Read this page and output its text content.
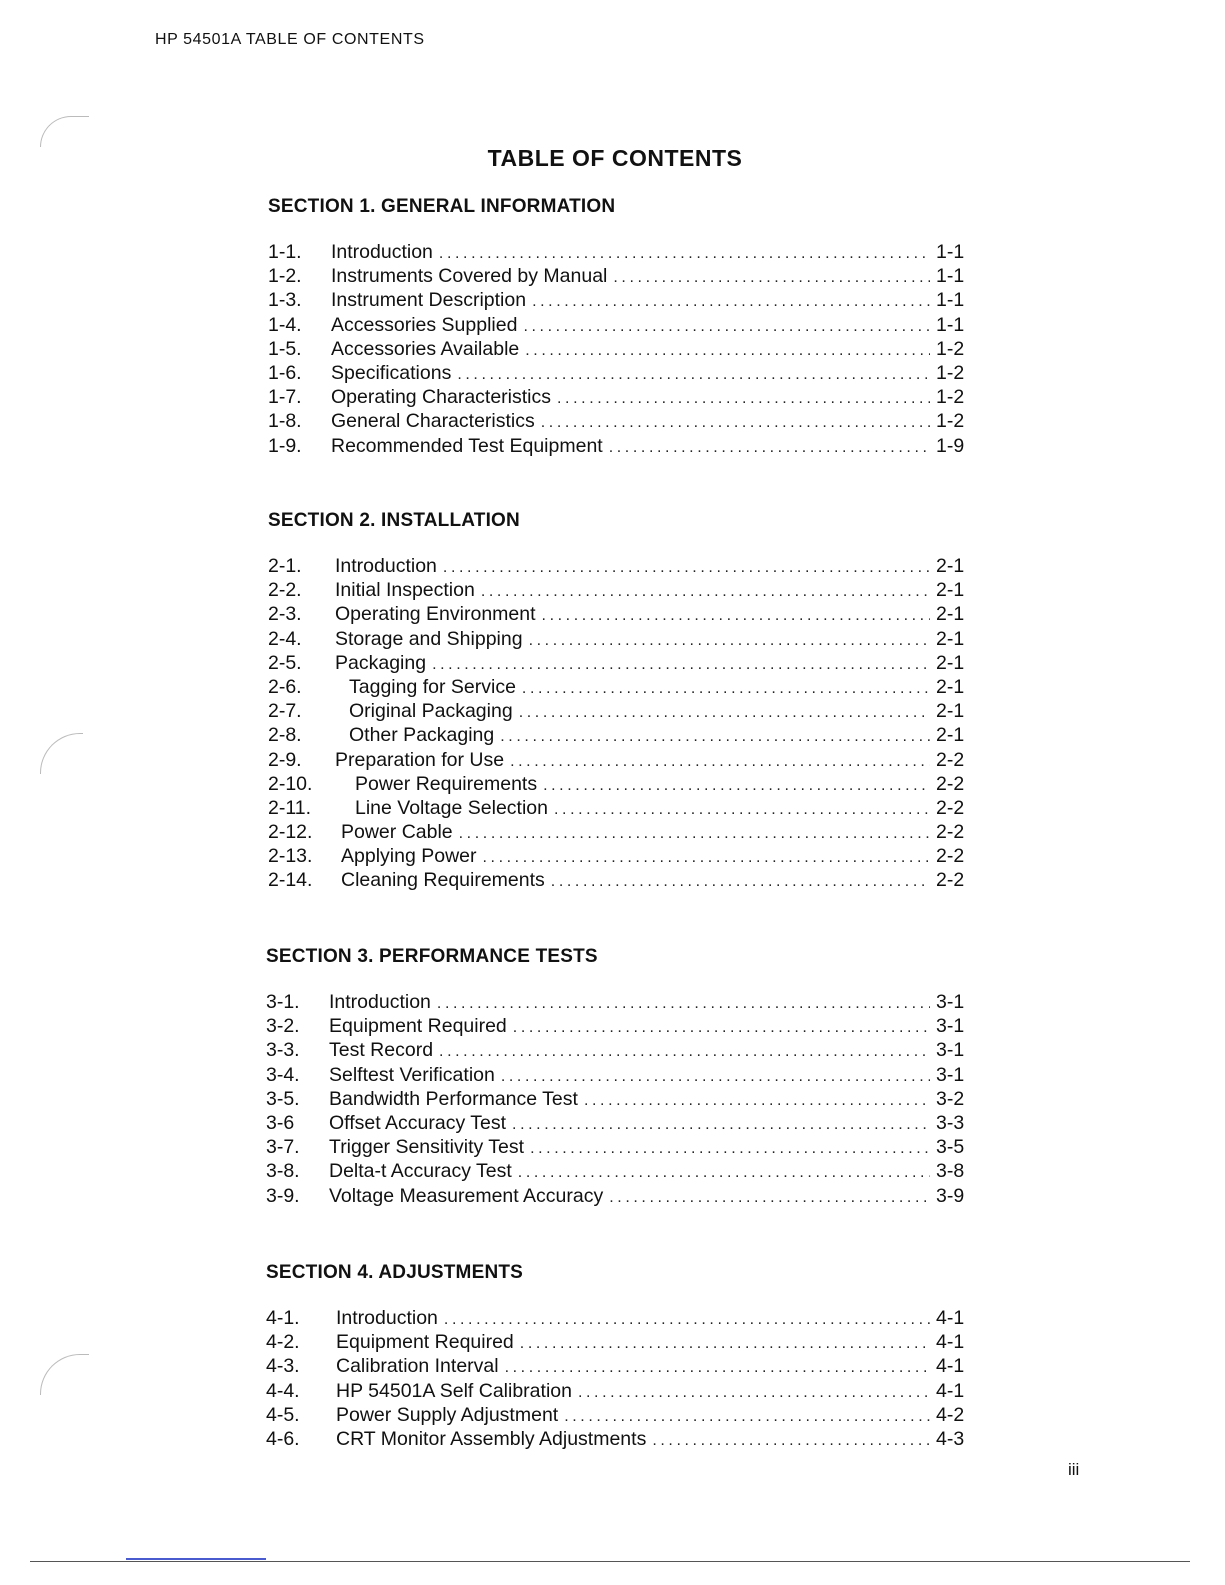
HP 54501A TABLE OF CONTENTS
TABLE OF CONTENTS
SECTION 1. GENERAL INFORMATION
1-1.	Introduction .....	1-1
1-2.	Instruments Covered by Manual .....	1-1
1-3.	Instrument Description .....	1-1
1-4.	Accessories Supplied .....	1-1
1-5.	Accessories Available .....	1-2
1-6.	Specifications .....	1-2
1-7.	Operating Characteristics .....	1-2
1-8.	General Characteristics .....	1-2
1-9.	Recommended Test Equipment .....	1-9
SECTION 2. INSTALLATION
2-1.	Introduction .....	2-1
2-2.	Initial Inspection .....	2-1
2-3.	Operating Environment .....	2-1
2-4.	Storage and Shipping .....	2-1
2-5.	Packaging .....	2-1
2-6.	Tagging for Service .....	2-1
2-7.	Original Packaging .....	2-1
2-8.	Other Packaging .....	2-1
2-9.	Preparation for Use .....	2-2
2-10.	Power Requirements .....	2-2
2-11.	Line Voltage Selection .....	2-2
2-12.	Power Cable .....	2-2
2-13.	Applying Power .....	2-2
2-14.	Cleaning Requirements .....	2-2
SECTION 3. PERFORMANCE TESTS
3-1.	Introduction .....	3-1
3-2.	Equipment Required .....	3-1
3-3.	Test Record .....	3-1
3-4.	Selftest Verification .....	3-1
3-5.	Bandwidth Performance Test .....	3-2
3-6	Offset Accuracy Test .....	3-3
3-7.	Trigger Sensitivity Test .....	3-5
3-8.	Delta-t Accuracy Test .....	3-8
3-9.	Voltage Measurement Accuracy .....	3-9
SECTION 4. ADJUSTMENTS
4-1.	Introduction .....	4-1
4-2.	Equipment Required .....	4-1
4-3.	Calibration Interval .....	4-1
4-4.	HP 54501A Self Calibration .....	4-1
4-5.	Power Supply Adjustment .....	4-2
4-6.	CRT Monitor Assembly Adjustments .....	4-3
iii
